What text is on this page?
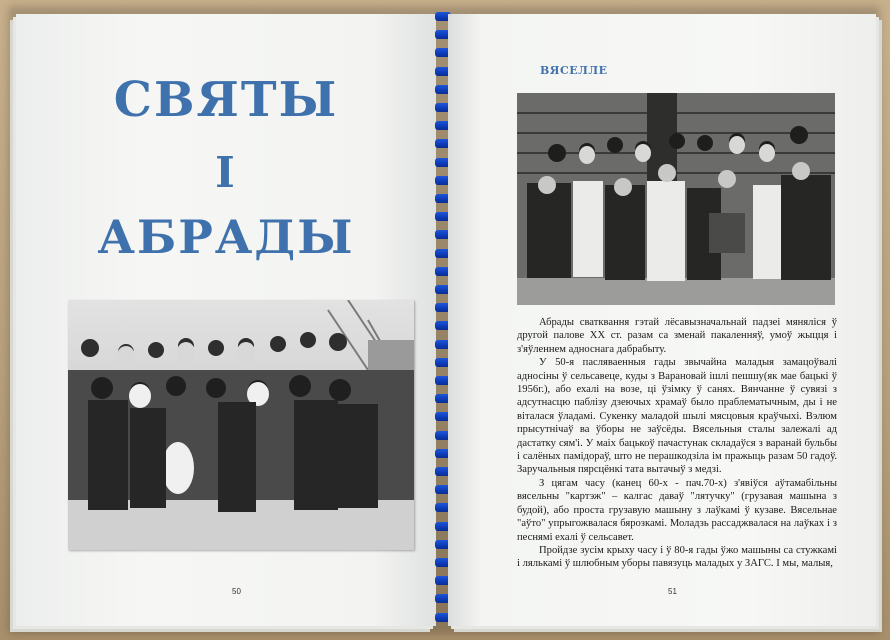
СВЯТЫ
І
АБРАДЫ
50
ВЯСЕЛЛЕ

Абрады сватквання гэтай лёсавызначальнай падзеі мяняліся ў другой палове XX ст. разам са зменай пакаленняў, умоў жыцця і з'яўленнем адноснага дабрабыту.

У 50-я пасляваенныя гады звычайна маладыя замацоўвалі адносіны ў сельсавеце, куды з Варановай ішлі пешшу(як мае бацькі ў 1956г.), або ехалі на возе, ці ўзімку ў санях. Вянчанне ў сувязі з адсутнасцю паблізу дзеючых храмаў было праблематычным, ды і не віталася ўладамі. Сукенку маладой шылі мясцовыя краўчыхі. Вэлюм прысутнічаў ва ўборы не заўсёды. Вясельныя сталы залежалі ад дастатку сям'і. У маіх бацькоў пачастунак складаўся з варанай бульбы і салёных памідораў, што не перашкодзіла ім пражыць разам 50 гадоў. Заручальныя пярсцёнкі тата вытачыў з медзі.

З цягам часу (канец 60-х - пач.70-х) з'явіўся аўтамабільны вясельны "картэж" – калгас даваў "лятучку" (грузавая машына з будой), або проста грузавую машыну з лаўкамі ў кузаве. Вясельнае "аўто" упрыгожвалася бярозкамі. Моладзь рассаджвалася на лаўках і з песнямі ехалі ў сельсавет.

Пройдзе зусім крыху часу і ў 80-я гады ўжо машыны са стужкамі і лялькамі ў шлюбным уборы павязуць маладых у ЗАГС. І мы, малыя,

51
